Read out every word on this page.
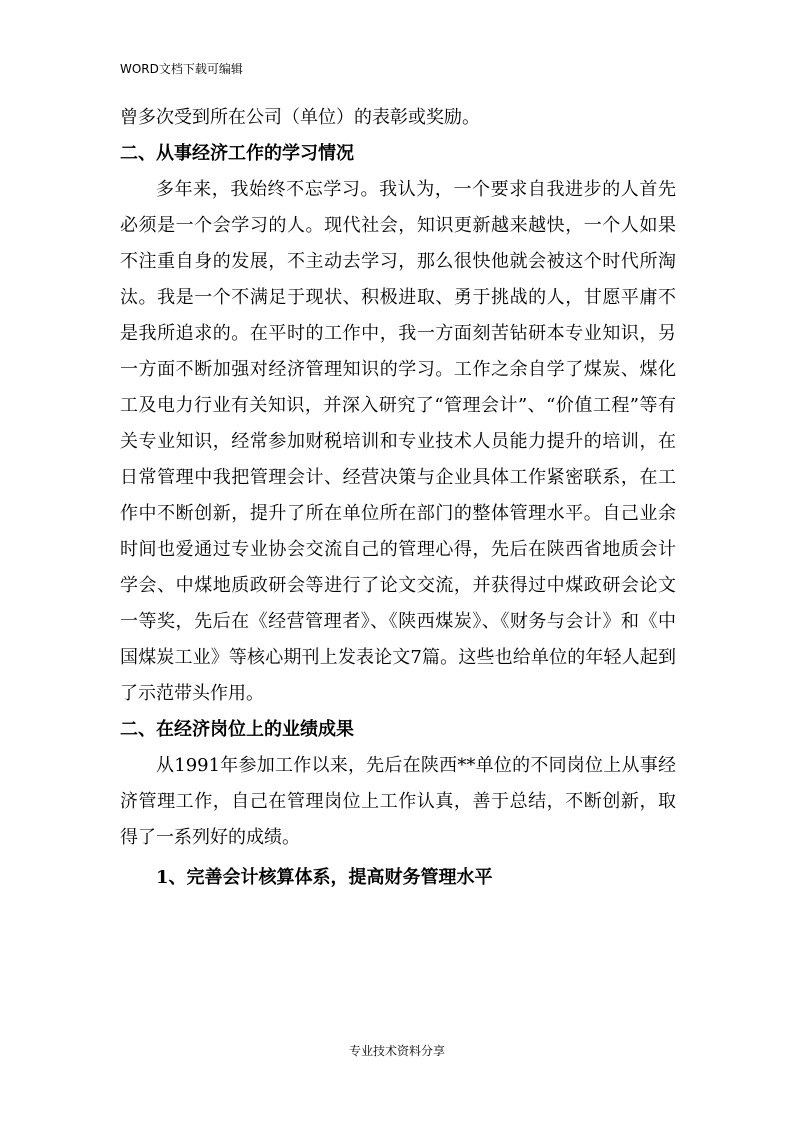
WORD文档下载可编辑

曾多次受到所在公司（单位）的表彰或奖励。

二、从事经济工作的学习情况

多年来，我始终不忘学习。我认为，一个要求自我进步的人首先必须是一个会学习的人。现代社会，知识更新越来越快，一个人如果不注重自身的发展，不主动去学习，那么很快他就会被这个时代所淘汰。我是一个不满足于现状、积极进取、勇于挑战的人，甘愿平庸不是我所追求的。在平时的工作中，我一方面刻苦钻研本专业知识，另一方面不断加强对经济管理知识的学习。工作之余自学了煤炭、煤化工及电力行业有关知识，并深入研究了“管理会计”、“价值工程”等有关专业知识，经常参加财税培训和专业技术人员能力提升的培训，在日常管理中我把管理会计、经营决策与企业具体工作紧密联系，在工作中不断创新，提升了所在单位所在部门的整体管理水平。自己业余时间也爱通过专业协会交流自己的管理心得，先后在陕西省地质会计学会、中煤地质政研会等进行了论文交流，并获得过中煤政研会论文一等奖，先后在《经营管理者》、《陕西煤炭》、《财务与会计》和《中国煤炭工业》等核心期刊上发表论文7篇。这些也给单位的年轻人起到了示范带头作用。

二、在经济岗位上的业绩成果

从1991年参加工作以来，先后在陕西**单位的不同岗位上从事经济管理工作，自己在管理岗位上工作认真，善于总结，不断创新，取得了一系列好的成绩。

1、完善会计核算体系，提高财务管理水平

专业技术资料分享
